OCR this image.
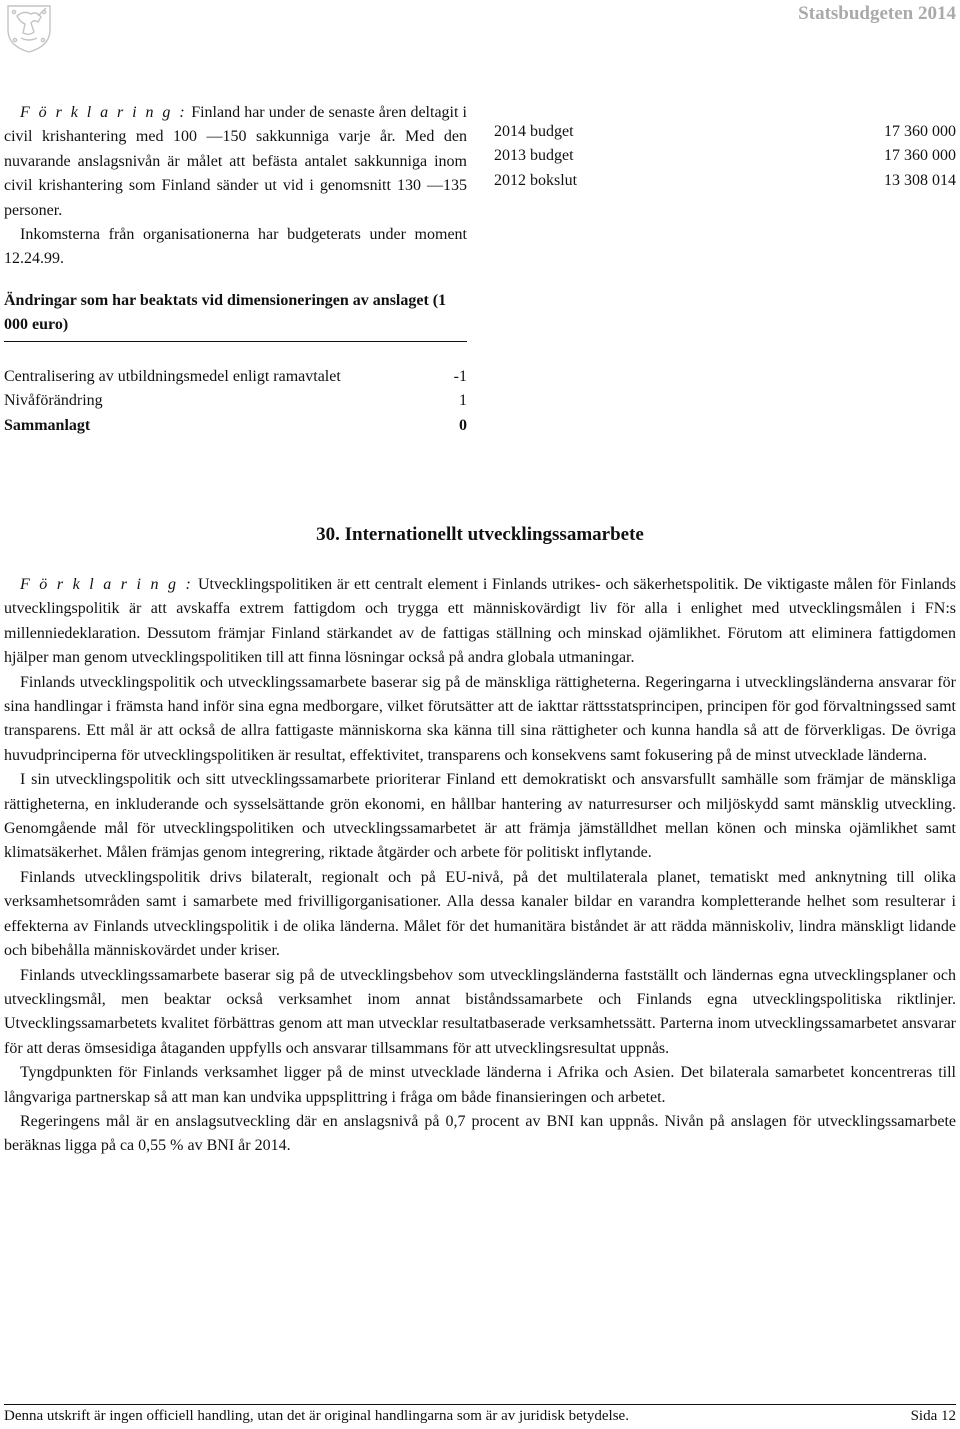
Statsbudgeten 2014

F ö r k l a r i n g : Finland har under de senaste åren deltagit i civil krishantering med 100 —150 sakkunniga varje år. Med den nuvarande anslagsnivån är målet att befästa antalet sakkunniga inom civil krishantering som Finland sänder ut vid i genomsnitt 130 —135 personer.

Inkomsterna från organisationerna har budgeterats under moment 12.24.99.

2014 budget	17 360 000
2013 budget	17 360 000
2012 bokslut	13 308 014
Ändringar som har beaktats vid dimensioneringen av anslaget (1 000 euro)
Centralisering av utbildningsmedel enligt ramavtalet	-1
Nivåförändring	1
Sammanlagt	0
30. Internationellt utvecklingssamarbete

F ö r k l a r i n g : Utvecklingspolitiken är ett centralt element i Finlands utrikes- och säkerhetspolitik. De viktigaste målen för Finlands utvecklingspolitik är att avskaffa extrem fattigdom och trygga ett människovärdigt liv för alla i enlighet med utvecklingsmålen i FN:s millenniedeklaration. Dessutom främjar Finland stärkandet av de fattigas ställning och minskad ojämlikhet. Förutom att eliminera fattigdomen hjälper man genom utvecklingspolitiken till att finna lösningar också på andra globala utmaningar.

Finlands utvecklingspolitik och utvecklingssamarbete baserar sig på de mänskliga rättigheterna. Regeringarna i utvecklingsländerna ansvarar för sina handlingar i främsta hand inför sina egna medborgare, vilket förutsätter att de iakttar rättsstatsprincipen, principen för god förvaltningssed samt transparens. Ett mål är att också de allra fattigaste människorna ska känna till sina rättigheter och kunna handla så att de förverkligas. De övriga huvudprinciperna för utvecklingspolitiken är resultat, effektivitet, transparens och konsekvens samt fokusering på de minst utvecklade länderna.

I sin utvecklingspolitik och sitt utvecklingssamarbete prioriterar Finland ett demokratiskt och ansvarsfullt samhälle som främjar de mänskliga rättigheterna, en inkluderande och sysselsättande grön ekonomi, en hållbar hantering av naturresurser och miljöskydd samt mänsklig utveckling. Genomgående mål för utvecklingspolitiken och utvecklingssamarbetet är att främja jämställdhet mellan könen och minska ojämlikhet samt klimatsäkerhet. Målen främjas genom integrering, riktade åtgärder och arbete för politiskt inflytande.

Finlands utvecklingspolitik drivs bilateralt, regionalt och på EU-nivå, på det multilaterala planet, tematiskt med anknytning till olika verksamhetsområden samt i samarbete med frivilligorganisationer. Alla dessa kanaler bildar en varandra kompletterande helhet som resulterar i effekterna av Finlands utvecklingspolitik i de olika länderna. Målet för det humanitära biståndet är att rädda människoliv, lindra mänskligt lidande och bibehålla människovärdet under kriser.

Finlands utvecklingssamarbete baserar sig på de utvecklingsbehov som utvecklingsländerna fastställt och ländernas egna utvecklingsplaner och utvecklingsmål, men beaktar också verksamhet inom annat biståndssamarbete och Finlands egna utvecklingspolitiska riktlinjer. Utvecklingssamarbetets kvalitet förbättras genom att man utvecklar resultatbaserade verksamhetssätt. Parterna inom utvecklingssamarbetet ansvarar för att deras ömsesidiga åtaganden uppfylls och ansvarar tillsammans för att utvecklingsresultat uppnås.

Tyngdpunkten för Finlands verksamhet ligger på de minst utvecklade länderna i Afrika och Asien. Det bilaterala samarbetet koncentreras till långvariga partnerskap så att man kan undvika uppsplittring i fråga om både finansieringen och arbetet.

Regeringens mål är en anslagsutveckling där en anslagsnivå på 0,7 procent av BNI kan uppnås. Nivån på anslagen för utvecklingssamarbete beräknas ligga på ca 0,55 % av BNI år 2014.

Denna utskrift är ingen officiell handling, utan det är original handlingarna som är av juridisk betydelse.	Sida 12
